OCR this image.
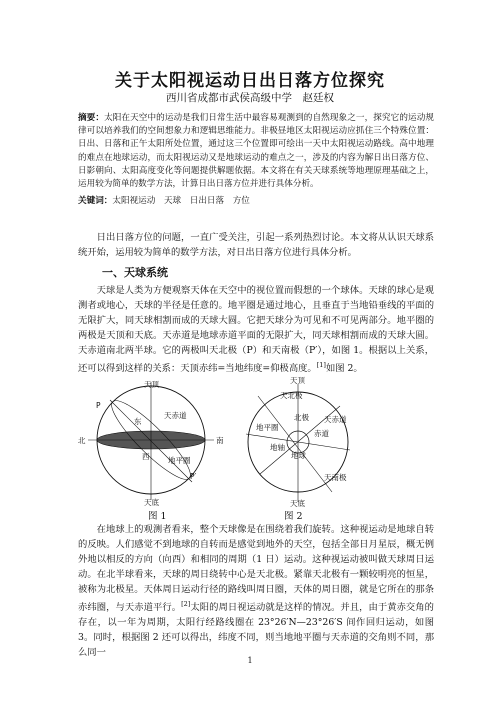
关于太阳视运动日出日落方位探究
西川省成都市武侯高级中学　赵廷权
摘要：太阳在天空中的运动是我们日常生活中最容易观测到的自然现象之一，探究它的运动规律可以培养我们的空间想象力和逻辑思维能力。非极昼地区太阳视运动应抓住三个特殊位置：日出、日落和正午太阳所处位置，通过这三个位置即可绘出一天中太阳视运动路线。高中地理的难点在地球运动，而太阳视运动又是地球运动的难点之一，涉及的内容为解日出日落方位、日影朝向、太阳高度变化等问题提供解题依据。本文将在有关天球系统等地理原理基础之上，运用较为简单的数学方法，计算日出日落方位并进行具体分析。
关键词：太阳视运动　天球　日出日落　方位
日出日落方位的问题，一直广受关注，引起一系列热烈讨论。本文将从认识天球系统开始，运用较为简单的数学方法，对日出日落方位进行具体分析。
一、天球系统
天球是人类为方便观察天体在天空中的视位置而假想的一个球体。天球的球心是观测者或地心，天球的半径是任意的。地平圈是通过地心，且垂直于当地铅垂线的平面的无限扩大，同天球相割而成的天球大圆。它把天球分为可见和不可见两部分。地平圈的两极是天顶和天底。天赤道是地球赤道平面的无限扩大，同天球相割而成的天球大圆。天赤道南北两半球。它的两极叫天北极（P）和天南极（P′），如图 1。根据以上关系，还可以得到这样的关系：天顶赤纬=当地纬度=仰极高度。[1]如图 2。
天顶
天底
P
P′
东
西
北	南
天赤道
地平圈
天顶
天北极
北极
地平圈
赤道
地轴
天赤道
地球
天南极
天底
图 1	图 2
在地球上的观测者看来，整个天球像是在围绕着我们旋转。这种视运动是地球自转的反映。人们感觉不到地球的自转而是感觉到地外的天空，包括全部日月星辰，概无例外地以相反的方向（向西）和相同的周期（1 日）运动。这种视运动被叫做天球周日运动。在北半球看来，天球的周日绕转中心是天北极。紧靠天北极有一颗较明亮的恒星，被称为北极星。天体周日运动行径的路线叫周日圈，天体的周日圈，就是它所在的那条赤纬圈，与天赤道平行。[2]太阳的周日视运动就是这样的情况。并且，由于黄赤交角的存在，以一年为周期，太阳行经路线圈在 23°26′N—23°26′S 间作回归运动，如图 3。同时，根据图 2 还可以得出，纬度不同，则当地地平圈与天赤道的交角则不同，那么同一
1
